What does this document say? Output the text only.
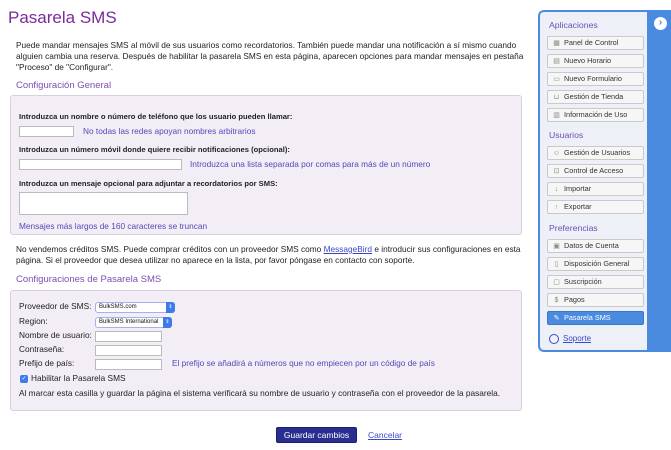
Pasarela SMS
Puede mandar mensajes SMS al móvil de sus usuarios como recordatorios. También puede mandar una notificación a sí mismo cuando alguien cambia una reserva. Después de habilitar la pasarela SMS en esta página, aparecen opciones para mandar mensajes en pestaña "Proceso" de "Configurar".
Configuración General
Introduzca un nombre o número de teléfono que los usuario pueden llamar:
No todas las redes apoyan nombres arbitrarios
Introduzca un número móvil donde quiere recibir notificaciones (opcional):
Introduzca una lista separada por comas para más de un número
Introduzca un mensaje opcional para adjuntar a recordatorios por SMS:
Mensajes más largos de 160 caracteres se truncan
No vendemos créditos SMS. Puede comprar créditos con un proveedor SMS como MessageBird e introducir sus configuraciones en esta página. Si el proveedor que desea utilizar no aparece en la lista, por favor póngase en contacto con soporte.
Configuraciones de Pasarela SMS
Proveedor de SMS:	BulkSMS.com	⇕
Region:	BulkSMS International	⇕
Nombre de usuario:
Contraseña:
Prefijo de país:	El prefijo se añadirá a números que no empiecen por un código de país
✓ Habilitar la Pasarela SMS
Al marcar esta casilla y guardar la página el sistema verificará su nombre de usuario y contraseña con el proveedor de la pasarela.
Guardar cambios	Cancelar
›
Aplicaciones
▦ Panel de Control
▤ Nuevo Horario
▭ Nuevo Formulario
⊔ Gestión de Tienda
▥ Información de Uso
Usuarios
☺ Gestión de Usuarios
⊡ Control de Acceso
↓ Importar
↑ Exportar
Preferencias
▣ Datos de Cuenta
▯ Disposición General
▢ Suscripción
$ Pagos
✎ Pasarela SMS
Soporte
